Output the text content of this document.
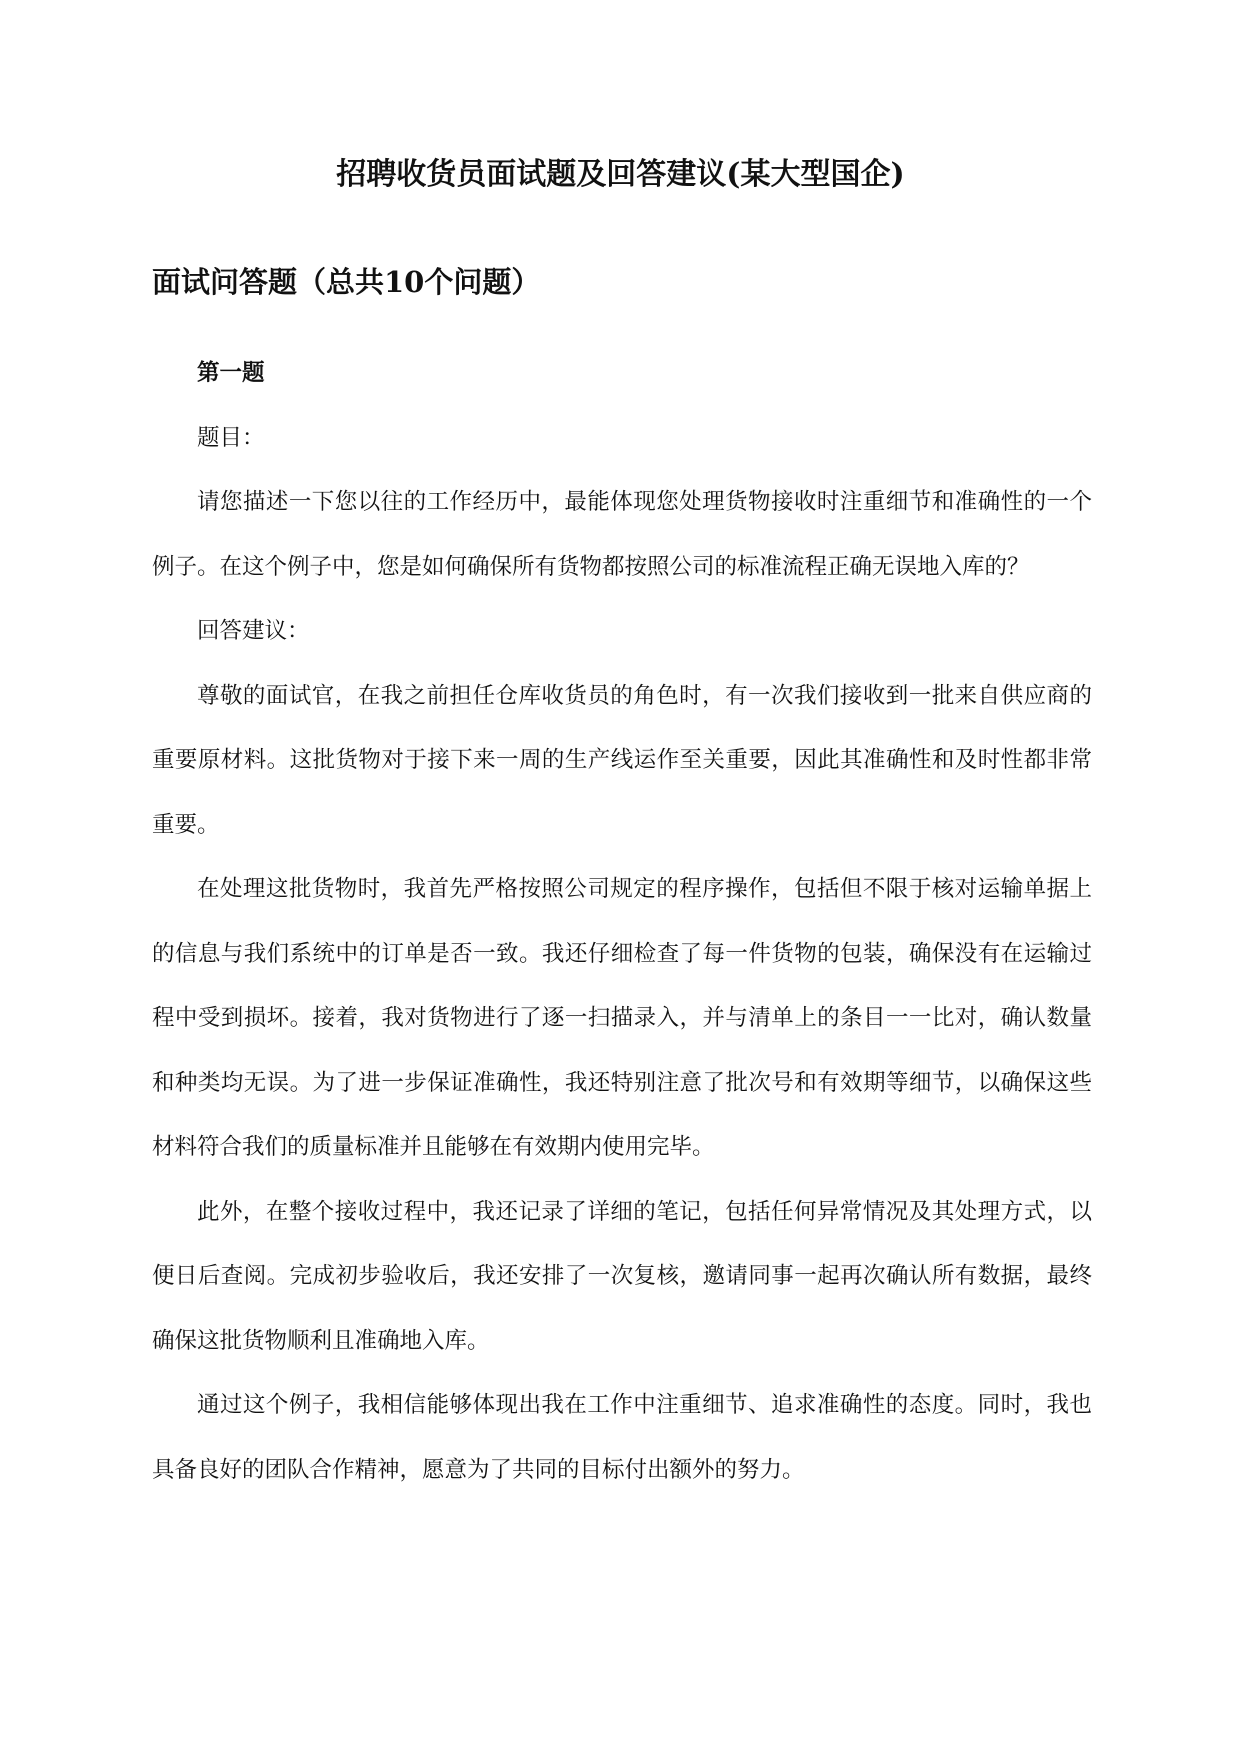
招聘收货员面试题及回答建议(某大型国企)
面试问答题（总共10个问题）

第一题

题目：

请您描述一下您以往的工作经历中，最能体现您处理货物接收时注重细节和准确性的一个例子。在这个例子中，您是如何确保所有货物都按照公司的标准流程正确无误地入库的？

回答建议：

尊敬的面试官，在我之前担任仓库收货员的角色时，有一次我们接收到一批来自供应商的重要原材料。这批货物对于接下来一周的生产线运作至关重要，因此其准确性和及时性都非常重要。

在处理这批货物时，我首先严格按照公司规定的程序操作，包括但不限于核对运输单据上的信息与我们系统中的订单是否一致。我还仔细检查了每一件货物的包装，确保没有在运输过程中受到损坏。接着，我对货物进行了逐一扫描录入，并与清单上的条目一一比对，确认数量和种类均无误。为了进一步保证准确性，我还特别注意了批次号和有效期等细节，以确保这些材料符合我们的质量标准并且能够在有效期内使用完毕。

此外，在整个接收过程中，我还记录了详细的笔记，包括任何异常情况及其处理方式，以便日后查阅。完成初步验收后，我还安排了一次复核，邀请同事一起再次确认所有数据，最终确保这批货物顺利且准确地入库。

通过这个例子，我相信能够体现出我在工作中注重细节、追求准确性的态度。同时，我也具备良好的团队合作精神，愿意为了共同的目标付出额外的努力。
